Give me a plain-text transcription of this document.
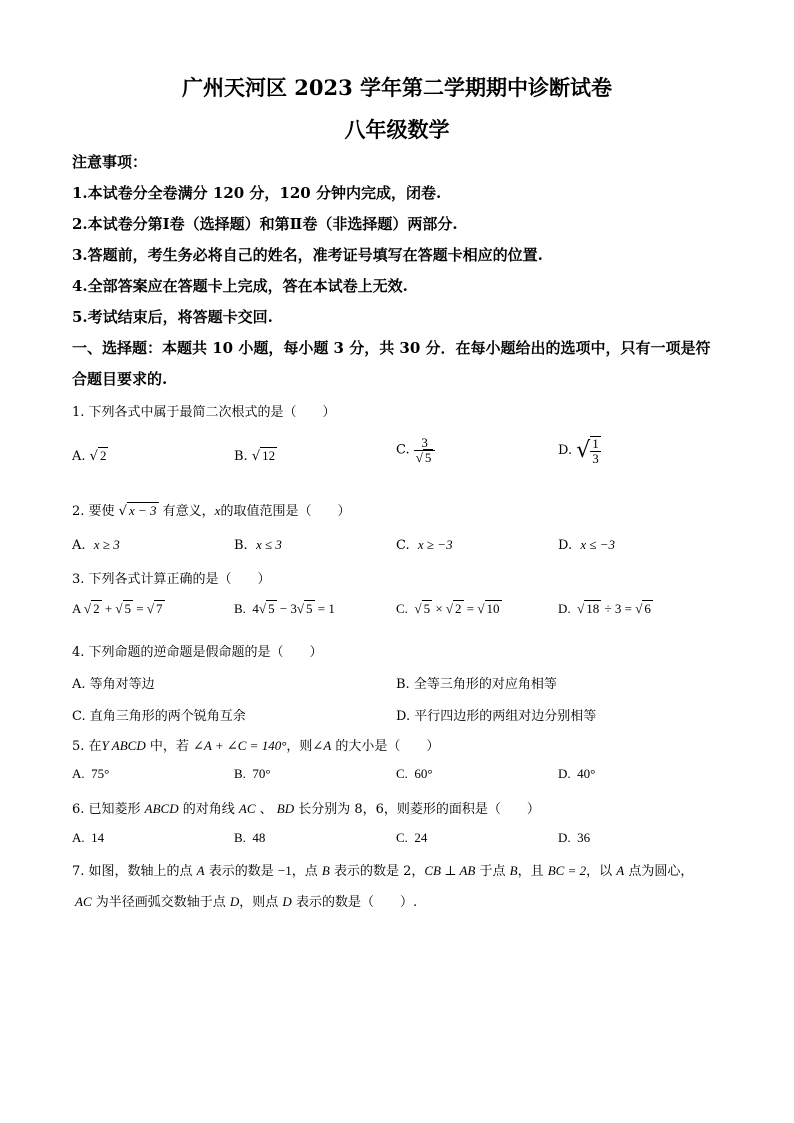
广州天河区 2023 学年第二学期期中诊断试卷
八年级数学
注意事项：
1.本试卷分全卷满分 120 分，120 分钟内完成，闭卷.
2.本试卷分第Ⅰ卷（选择题）和第Ⅱ卷（非选择题）两部分.
3.答题前，考生务必将自己的姓名，准考证号填写在答题卡相应的位置.
4.全部答案应在答题卡上完成，答在本试卷上无效.
5.考试结束后，将答题卡交回.
一、选择题：本题共 10 小题，每小题 3 分，共 30 分．在每小题给出的选项中，只有一项是符
合题目要求的.
1. 下列各式中属于最简二次根式的是（　　）
A. √ 2	B. √ 12	C. $\frac{3}{√ 5}$	D. √ $\frac{1}{3}$
2. 要使 √ x − 3 有意义，x的取值范围是（　　）
A. x ≥ 3	B. x ≤ 3	C. x ≥ −3	D. x ≤ −3
3. 下列各式计算正确的是（　　）
A √ 2 + √ 5 = √ 7	B. 4√ 5 − 3√ 5 = 1	C.  √ 5 × √ 2 = √ 10	D.  √ 18 ÷ 3 = √ 6
4. 下列命题的逆命题是假命题的是（　　）
A. 等角对等边	B. 全等三角形的对应角相等
C. 直角三角形的两个锐角互余	D. 平行四边形的两组对边分别相等
5. 在Y ABCD 中，若 ∠A + ∠C = 140°，则∠A 的大小是（　　）
A. 75°	B. 70°	C. 60°	D. 40°
6. 已知菱形 ABCD 的对角线 AC 、 BD 长分别为 8，6，则菱形的面积是（　　）
A. 14	B. 48	C. 24	D. 36
7. 如图，数轴上的点 A 表示的数是 −1，点 B 表示的数是 2，CB ⊥ AB 于点 B，且 BC = 2，以 A 点为圆心，
AC 为半径画弧交数轴于点 D，则点 D 表示的数是（　　）.
